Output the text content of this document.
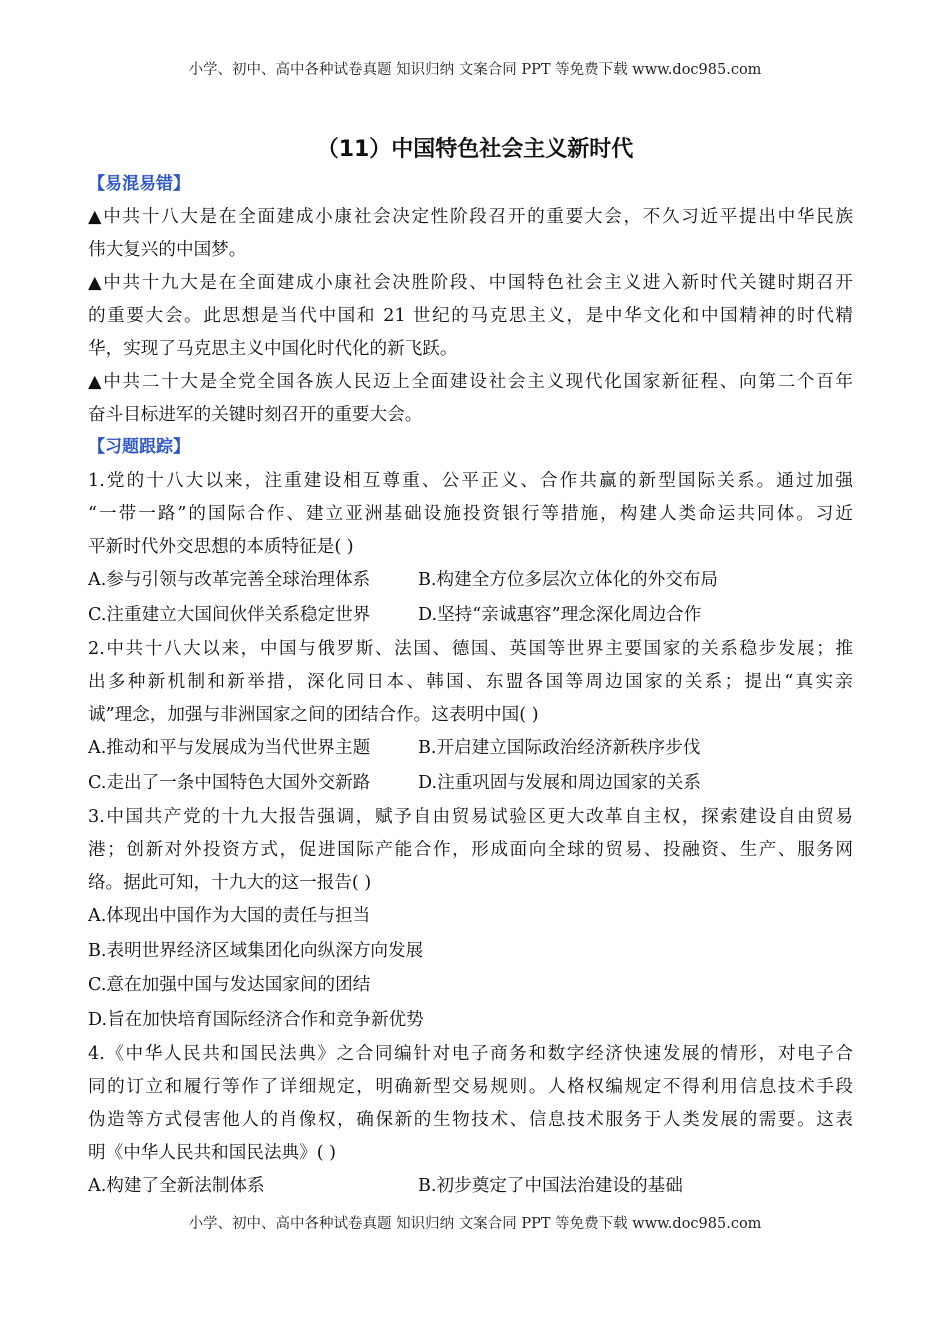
小学、初中、高中各种试卷真题 知识归纳 文案合同 PPT 等免费下载 www.doc985.com
（11）中国特色社会主义新时代
【易混易错】
▲中共十八大是在全面建成小康社会决定性阶段召开的重要大会，不久习近平提出中华民族
伟大复兴的中国梦。
▲中共十九大是在全面建成小康社会决胜阶段、中国特色社会主义进入新时代关键时期召开
的重要大会。此思想是当代中国和 21 世纪的马克思主义，是中华文化和中国精神的时代精
华，实现了马克思主义中国化时代化的新飞跃。
▲中共二十大是全党全国各族人民迈上全面建设社会主义现代化国家新征程、向第二个百年
奋斗目标进军的关键时刻召开的重要大会。
【习题跟踪】
1.党的十八大以来，注重建设相互尊重、公平正义、合作共赢的新型国际关系。通过加强
“一带一路”的国际合作、建立亚洲基础设施投资银行等措施，构建人类命运共同体。习近
平新时代外交思想的本质特征是( )
A.参与引领与改革完善全球治理体系	B.构建全方位多层次立体化的外交布局
C.注重建立大国间伙伴关系稳定世界	D.坚持“亲诚惠容”理念深化周边合作
2.中共十八大以来，中国与俄罗斯、法国、德国、英国等世界主要国家的关系稳步发展；推
出多种新机制和新举措，深化同日本、韩国、东盟各国等周边国家的关系；提出“真实亲
诚”理念，加强与非洲国家之间的团结合作。这表明中国( )
A.推动和平与发展成为当代世界主题	B.开启建立国际政治经济新秩序步伐
C.走出了一条中国特色大国外交新路	D.注重巩固与发展和周边国家的关系
3.中国共产党的十九大报告强调，赋予自由贸易试验区更大改革自主权，探索建设自由贸易
港；创新对外投资方式，促进国际产能合作，形成面向全球的贸易、投融资、生产、服务网
络。据此可知，十九大的这一报告( )
A.体现出中国作为大国的责任与担当
B.表明世界经济区域集团化向纵深方向发展
C.意在加强中国与发达国家间的团结
D.旨在加快培育国际经济合作和竞争新优势
4.《中华人民共和国民法典》之合同编针对电子商务和数字经济快速发展的情形，对电子合
同的订立和履行等作了详细规定，明确新型交易规则。人格权编规定不得利用信息技术手段
伪造等方式侵害他人的肖像权，确保新的生物技术、信息技术服务于人类发展的需要。这表
明《中华人民共和国民法典》( )
A.构建了全新法制体系	B.初步奠定了中国法治建设的基础
小学、初中、高中各种试卷真题 知识归纳 文案合同 PPT 等免费下载 www.doc985.com
